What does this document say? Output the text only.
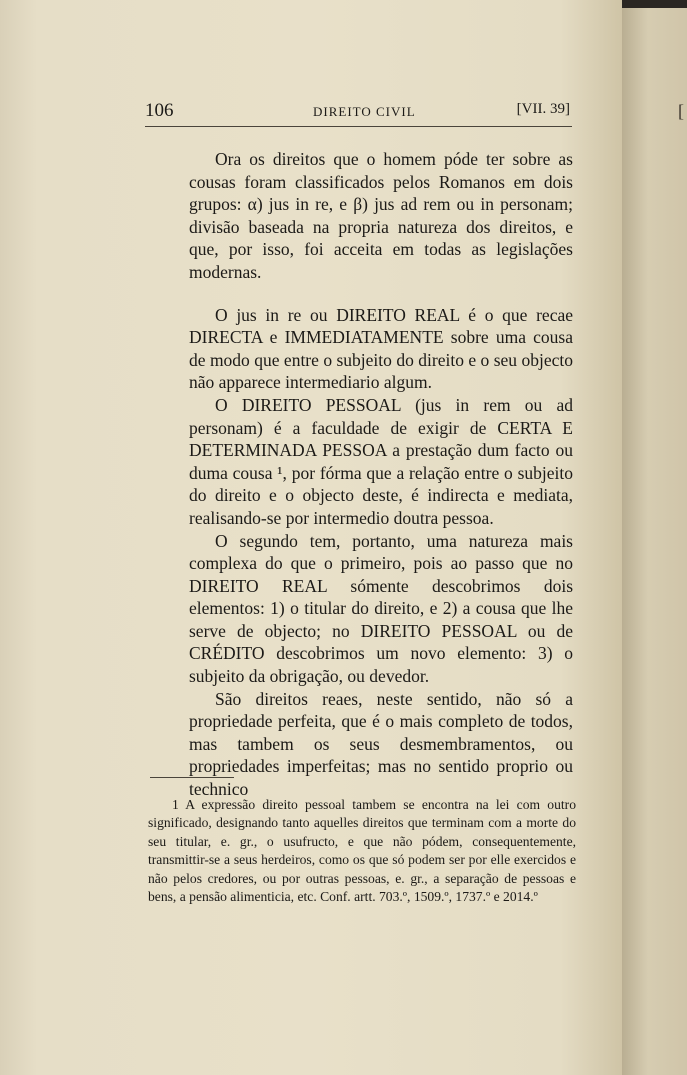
106	DIREITO CIVIL	[VII. 39]

Ora os direitos que o homem póde ter sobre as cousas foram classificados pelos Romanos em dois grupos: α) jus in re, e β) jus ad rem ou in personam; divisão baseada na propria natureza dos direitos, e que, por isso, foi acceita em todas as legislações modernas.

O jus in re ou DIREITO REAL é o que recae DIRECTA e IMMEDIATAMENTE sobre uma cousa de modo que entre o subjeito do direito e o seu objecto não apparece intermediario algum.

O DIREITO PESSOAL (jus in rem ou ad personam) é a faculdade de exigir de CERTA E DETERMINADA PESSOA a prestação dum facto ou duma cousa ¹, por fórma que a relação entre o subjeito do direito e o objecto deste, é indirecta e mediata, realisando-se por intermedio doutra pessoa.

O segundo tem, portanto, uma natureza mais complexa do que o primeiro, pois ao passo que no DIREITO REAL sómente descobrimos dois elementos: 1) o titular do direito, e 2) a cousa que lhe serve de objecto; no DIREITO PESSOAL ou de CRÉDITO descobrimos um novo elemento: 3) o subjeito da obrigação, ou devedor.

São direitos reaes, neste sentido, não só a propriedade perfeita, que é o mais completo de todos, mas tambem os seus desmembramentos, ou propriedades imperfeitas; mas no sentido proprio ou technico

1 A expressão direito pessoal tambem se encontra na lei com outro significado, designando tanto aquelles direitos que terminam com a morte do seu titular, e. gr., o usufructo, e que não pódem, consequentemente, transmittir-se a seus herdeiros, como os que só podem ser por elle exercidos e não pelos credores, ou por outras pessoas, e. gr., a separação de pessoas e bens, a pensão alimenticia, etc. Conf. artt. 703.º, 1509.º, 1737.º e 2014.º

[
